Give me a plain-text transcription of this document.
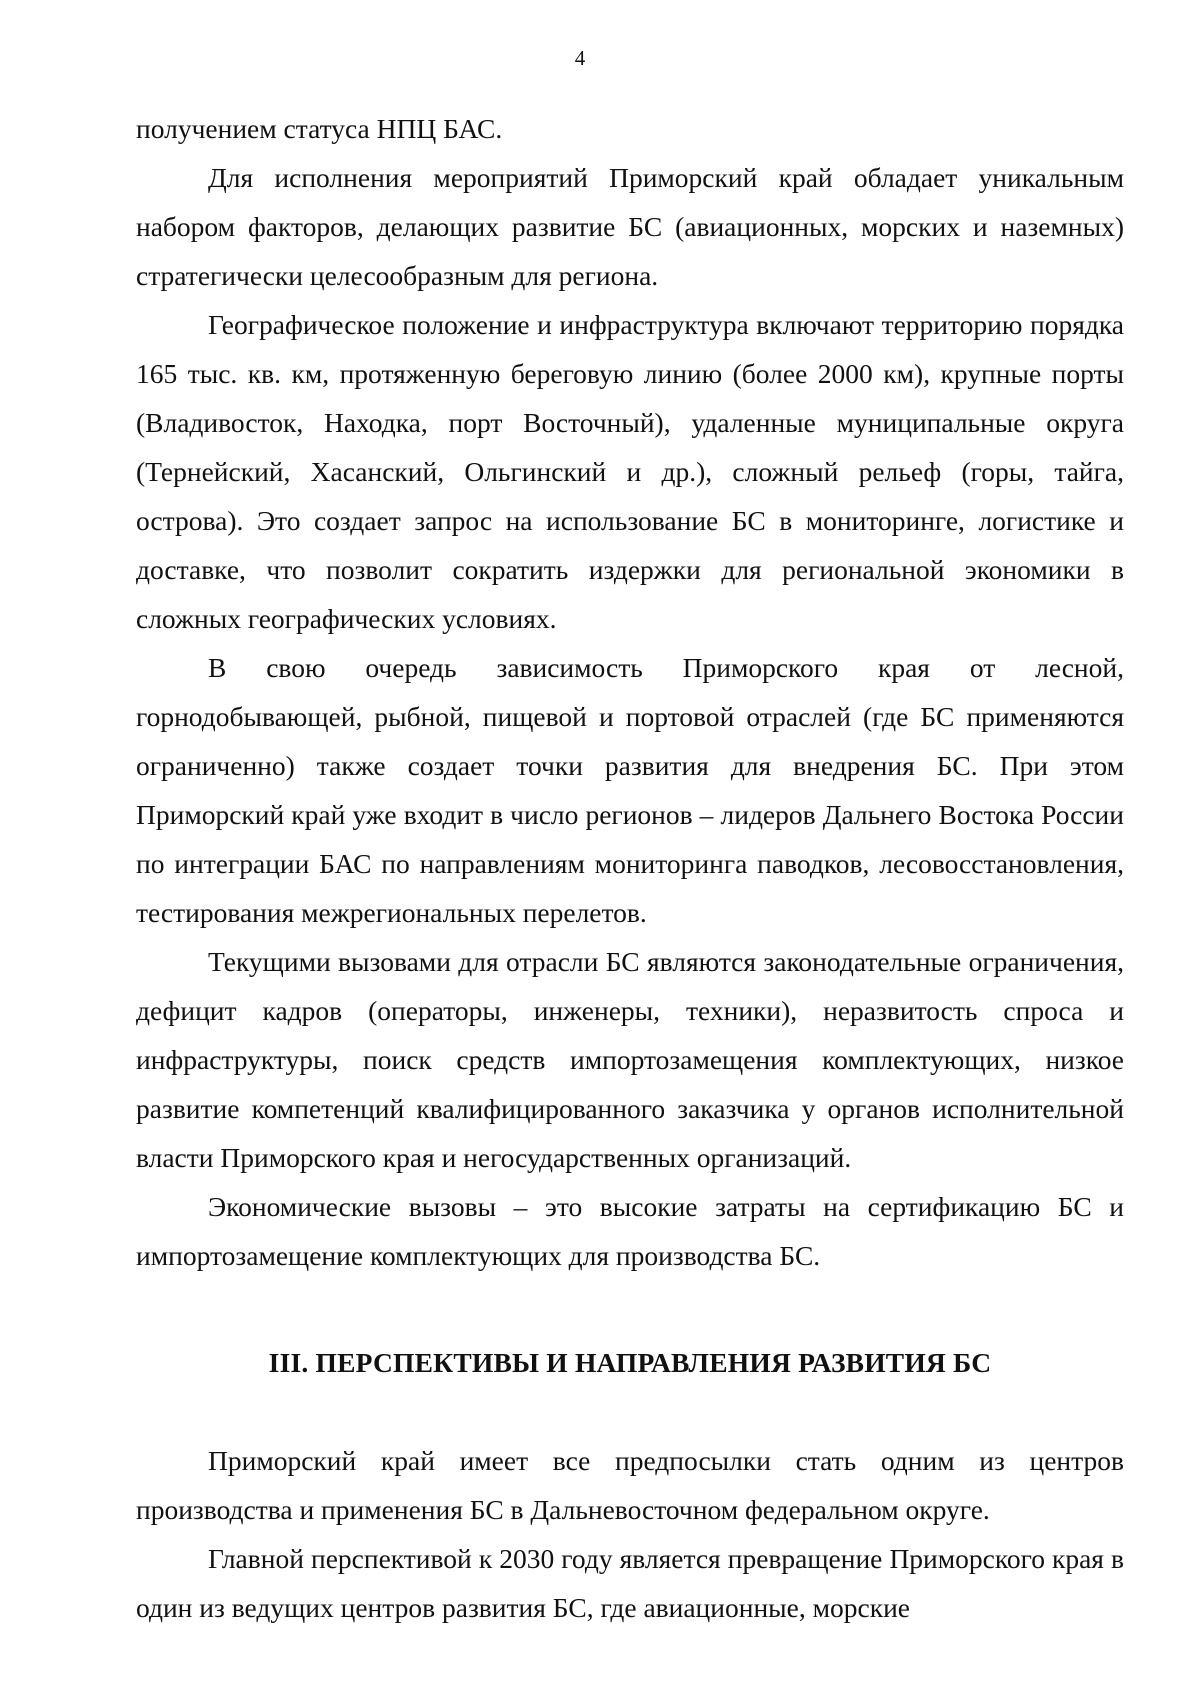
4

получением статуса НПЦ БАС.

Для исполнения мероприятий Приморский край обладает уникальным набором факторов, делающих развитие БС (авиационных, морских и наземных) стратегически целесообразным для региона.

Географическое положение и инфраструктура включают территорию порядка 165 тыс. кв. км, протяженную береговую линию (более 2000 км), крупные порты (Владивосток, Находка, порт Восточный), удаленные муниципальные округа (Тернейский, Хасанский, Ольгинский и др.), сложный рельеф (горы, тайга, острова). Это создает запрос на использование БС в мониторинге, логистике и доставке, что позволит сократить издержки для региональной экономики в сложных географических условиях.

В свою очередь зависимость Приморского края от лесной, горнодобывающей, рыбной, пищевой и портовой отраслей (где БС применяются ограниченно) также создает точки развития для внедрения БС. При этом Приморский край уже входит в число регионов – лидеров Дальнего Востока России по интеграции БАС по направлениям мониторинга паводков, лесовосстановления, тестирования межрегиональных перелетов.

Текущими вызовами для отрасли БС являются законодательные ограничения, дефицит кадров (операторы, инженеры, техники), неразвитость спроса и инфраструктуры, поиск средств импортозамещения комплектующих, низкое развитие компетенций квалифицированного заказчика у органов исполнительной власти Приморского края и негосударственных организаций.

Экономические вызовы – это высокие затраты на сертификацию БС и импортозамещение комплектующих для производства БС.

III. ПЕРСПЕКТИВЫ И НАПРАВЛЕНИЯ РАЗВИТИЯ БС

Приморский край имеет все предпосылки стать одним из центров производства и применения БС в Дальневосточном федеральном округе.

Главной перспективой к 2030 году является превращение Приморского края в один из ведущих центров развития БС, где авиационные, морские
